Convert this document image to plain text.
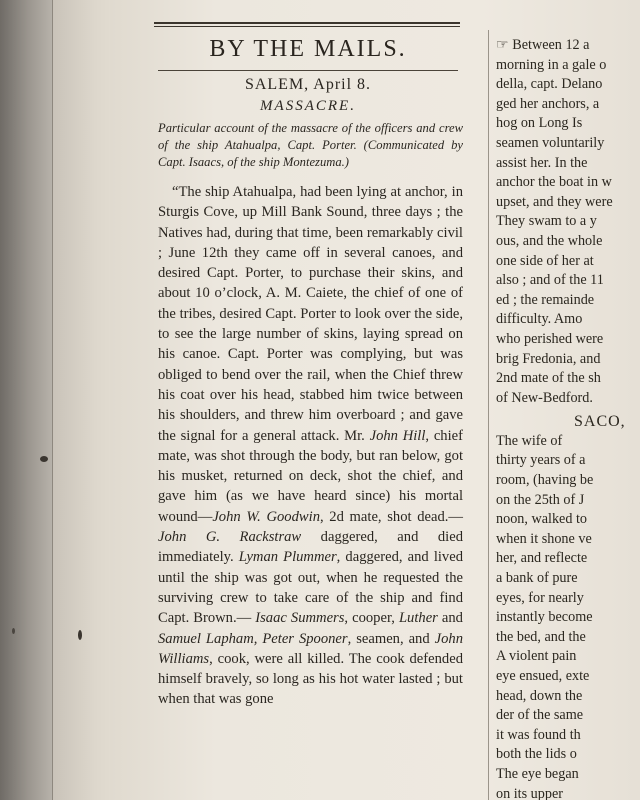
BY THE MAILS.
SALEM, April 8.
MASSACRE.
Particular account of the massacre of the officers and crew of the ship Atahualpa, Capt. Porter. (Communicated by Capt. Isaacs, of the ship Montezuma.)
“The ship Atahualpa, had been lying at anchor, in Sturgis Cove, up Mill Bank Sound, three days ; the Natives had, during that time, been remarkably civil ; June 12th they came off in several canoes, and desired Capt. Porter, to purchase their skins, and about 10 o’clock, A. M. Caiete, the chief of one of the tribes, desired Capt. Porter to look over the side, to see the large number of skins, laying spread on his canoe. Capt. Porter was complying, but was obliged to bend over the rail, when the Chief threw his coat over his head, stabbed him twice between his shoulders, and threw him overboard ; and gave the signal for a general attack. Mr. John Hill, chief mate, was shot through the body, but ran below, got his musket, returned on deck, shot the chief, and gave him (as we have heard since) his mortal wound—John W. Goodwin, 2d mate, shot dead.— John G. Rackstraw daggered, and died immediately. Lyman Plummer, daggered, and lived until the ship was got out, when he requested the surviving crew to take care of the ship and find Capt. Brown.— Isaac Summers, cooper, Luther and Samuel Lapham, Peter Spooner, seamen, and John Williams, cook, were all killed. The cook defended himself bravely, so long as his hot water lasted ; but when that was gone
☞ Between 12 a
morning in a gale o
della, capt. Delano
ged her anchors, a
hog on Long Is
seamen voluntarily
assist her. In the
anchor the boat in w
upset, and they were
They swam to a y
ous, and the whole
one side of her at
also ; and of the 11
ed ; the remainde
difficulty. Amo
who perished were
brig Fredonia, and
2nd mate of the sh
of New-Bedford.
SACO,
The wife of
thirty years of a
room, (having be
on the 25th of J
noon, walked to
when it shone ve
her, and reflecte
a bank of pure
eyes, for nearly
instantly become
the bed, and the
A violent pain
eye ensued, exte
head, down the
der of the same
it was found th
both the lids o
The eye began
on its upper
